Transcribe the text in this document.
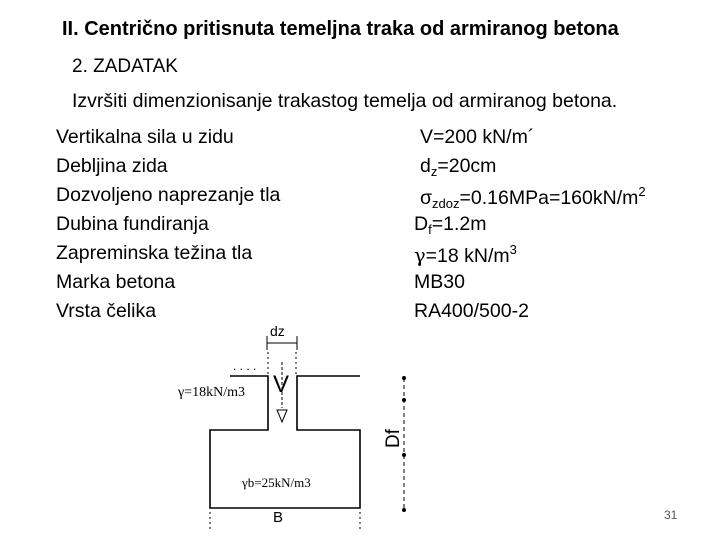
II. Centrično pritisnuta temeljna traka od armiranog betona
2. ZADATAK
Izvršiti dimenzionisanje trakastog temelja od armiranog betona.
Vertikalna sila u zidu	V=200 kN/m´
Debljina zida	$d_z=20cm$
Dozvoljeno naprezanje tla	$\sigma_{zdoz}=0.16MPa=160kN/m^2$
Dubina fundiranja	$D_f=1.2m$
Zapreminska težina tla	γ=18 $kN/m^3$
Marka betona	MB30
Vrsta čelika	RA400/500-2
dz
. . . .
V
γ=18kN/m3
γb=25kN/m3
B
Df
31
